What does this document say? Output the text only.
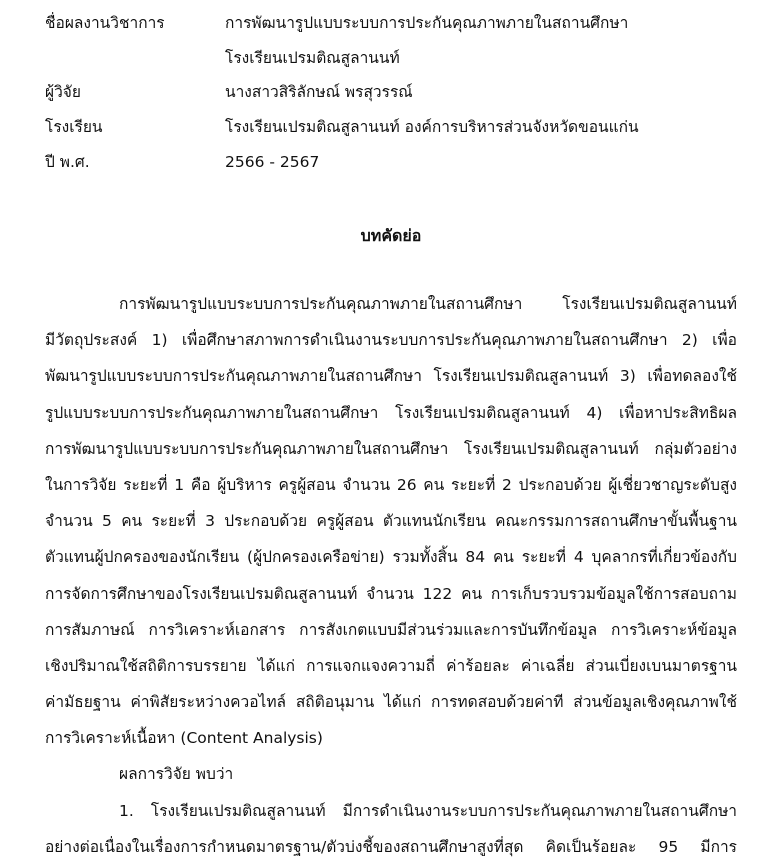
ชื่อผลงานวิชาการ	การพัฒนารูปแบบระบบการประกันคุณภาพภายในสถานศึกษา
โรงเรียนเปรมติณสูลานนท์
ผู้วิจัย	นางสาวสิริลักษณ์ พรสุวรรณ์
โรงเรียน	โรงเรียนเปรมติณสูลานนท์ องค์การบริหารส่วนจังหวัดขอนแก่น
ปี พ.ศ.	2566 - 2567
บทคัดย่อ
การพัฒนารูปแบบระบบการประกันคุณภาพภายในสถานศึกษา โรงเรียนเปรมติณสูลานนท์
มีวัตถุประสงค์ 1) เพื่อศึกษาสภาพการดำเนินงานระบบการประกันคุณภาพภายในสถานศึกษา 2) เพื่อ
พัฒนารูปแบบระบบการประกันคุณภาพภายในสถานศึกษา โรงเรียนเปรมติณสูลานนท์ 3) เพื่อทดลองใช้
รูปแบบระบบการประกันคุณภาพภายในสถานศึกษา โรงเรียนเปรมติณสูลานนท์ 4) เพื่อหาประสิทธิผล
การพัฒนารูปแบบระบบการประกันคุณภาพภายในสถานศึกษา โรงเรียนเปรมติณสูลานนท์ กลุ่มตัวอย่าง
ในการวิจัย ระยะที่ 1 คือ ผู้บริหาร ครูผู้สอน จำนวน 26 คน ระยะที่ 2 ประกอบด้วย ผู้เชี่ยวชาญระดับสูง
จำนวน 5 คน ระยะที่ 3 ประกอบด้วย ครูผู้สอน ตัวแทนนักเรียน คณะกรรมการสถานศึกษาขั้นพื้นฐาน
ตัวแทนผู้ปกครองของนักเรียน (ผู้ปกครองเครือข่าย) รวมทั้งสิ้น 84 คน ระยะที่ 4 บุคลากรที่เกี่ยวข้องกับ
การจัดการศึกษาของโรงเรียนเปรมติณสูลานนท์ จำนวน 122 คน การเก็บรวบรวมข้อมูลใช้การสอบถาม
การสัมภาษณ์ การวิเคราะห์เอกสาร การสังเกตแบบมีส่วนร่วมและการบันทึกข้อมูล การวิเคราะห์ข้อมูล
เชิงปริมาณใช้สถิติการบรรยาย ได้แก่ การแจกแจงความถี่ ค่าร้อยละ ค่าเฉลี่ย ส่วนเบี่ยงเบนมาตรฐาน
ค่ามัธยฐาน ค่าพิสัยระหว่างควอไทล์ สถิติอนุมาน ได้แก่ การทดสอบด้วยค่าที ส่วนข้อมูลเชิงคุณภาพใช้
การวิเคราะห์เนื้อหา (Content Analysis)
ผลการวิจัย พบว่า
1. โรงเรียนเปรมติณสูลานนท์ มีการดำเนินงานระบบการประกันคุณภาพภายในสถานศึกษา
อย่างต่อเนื่องในเรื่องการกำหนดมาตรฐาน/ตัวบ่งชี้ของสถานศึกษาสูงที่สุด คิดเป็นร้อยละ 95 มีการ
